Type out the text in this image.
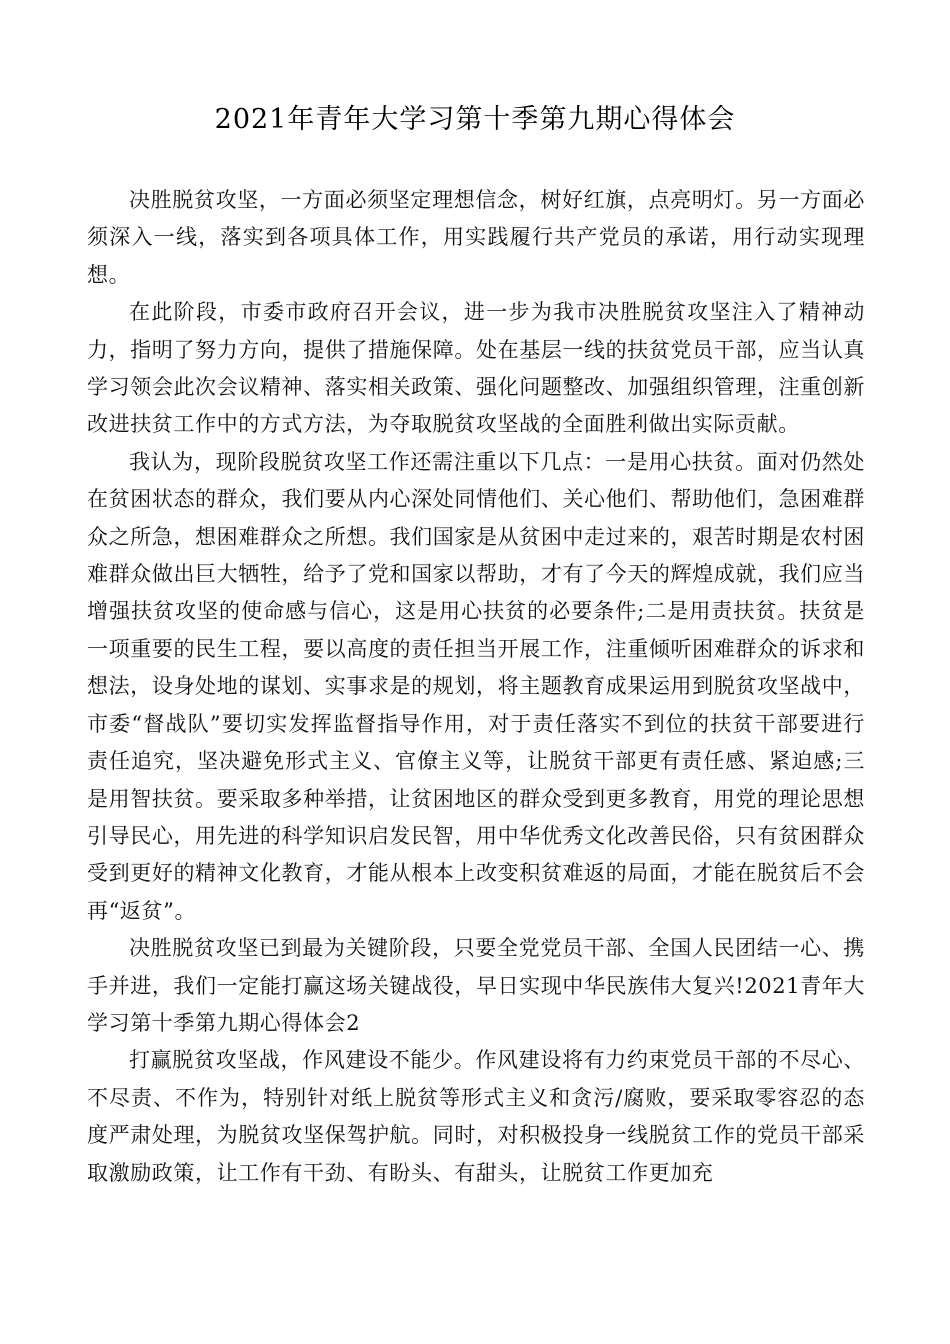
2021年青年大学习第十季第九期心得体会

决胜脱贫攻坚，一方面必须坚定理想信念，树好红旗，点亮明灯。另一方面必须深入一线，落实到各项具体工作，用实践履行共产党员的承诺，用行动实现理想。

在此阶段，市委市政府召开会议，进一步为我市决胜脱贫攻坚注入了精神动力，指明了努力方向，提供了措施保障。处在基层一线的扶贫党员干部，应当认真学习领会此次会议精神、落实相关政策、强化问题整改、加强组织管理，注重创新改进扶贫工作中的方式方法，为夺取脱贫攻坚战的全面胜利做出实际贡献。

我认为，现阶段脱贫攻坚工作还需注重以下几点：一是用心扶贫。面对仍然处在贫困状态的群众，我们要从内心深处同情他们、关心他们、帮助他们，急困难群众之所急，想困难群众之所想。我们国家是从贫困中走过来的，艰苦时期是农村困难群众做出巨大牺牲，给予了党和国家以帮助，才有了今天的辉煌成就，我们应当增强扶贫攻坚的使命感与信心，这是用心扶贫的必要条件;二是用责扶贫。扶贫是一项重要的民生工程，要以高度的责任担当开展工作，注重倾听困难群众的诉求和想法，设身处地的谋划、实事求是的规划，将主题教育成果运用到脱贫攻坚战中，市委“督战队”要切实发挥监督指导作用，对于责任落实不到位的扶贫干部要进行责任追究，坚决避免形式主义、官僚主义等，让脱贫干部更有责任感、紧迫感;三是用智扶贫。要采取多种举措，让贫困地区的群众受到更多教育，用党的理论思想引导民心，用先进的科学知识启发民智，用中华优秀文化改善民俗，只有贫困群众受到更好的精神文化教育，才能从根本上改变积贫难返的局面，才能在脱贫后不会再“返贫”。

决胜脱贫攻坚已到最为关键阶段，只要全党党员干部、全国人民团结一心、携手并进，我们一定能打赢这场关键战役，早日实现中华民族伟大复兴!2021青年大学习第十季第九期心得体会2

打赢脱贫攻坚战，作风建设不能少。作风建设将有力约束党员干部的不尽心、不尽责、不作为，特别针对纸上脱贫等形式主义和贪污/腐败，要采取零容忍的态度严肃处理，为脱贫攻坚保驾护航。同时，对积极投身一线脱贫工作的党员干部采取激励政策，让工作有干劲、有盼头、有甜头，让脱贫工作更加充
